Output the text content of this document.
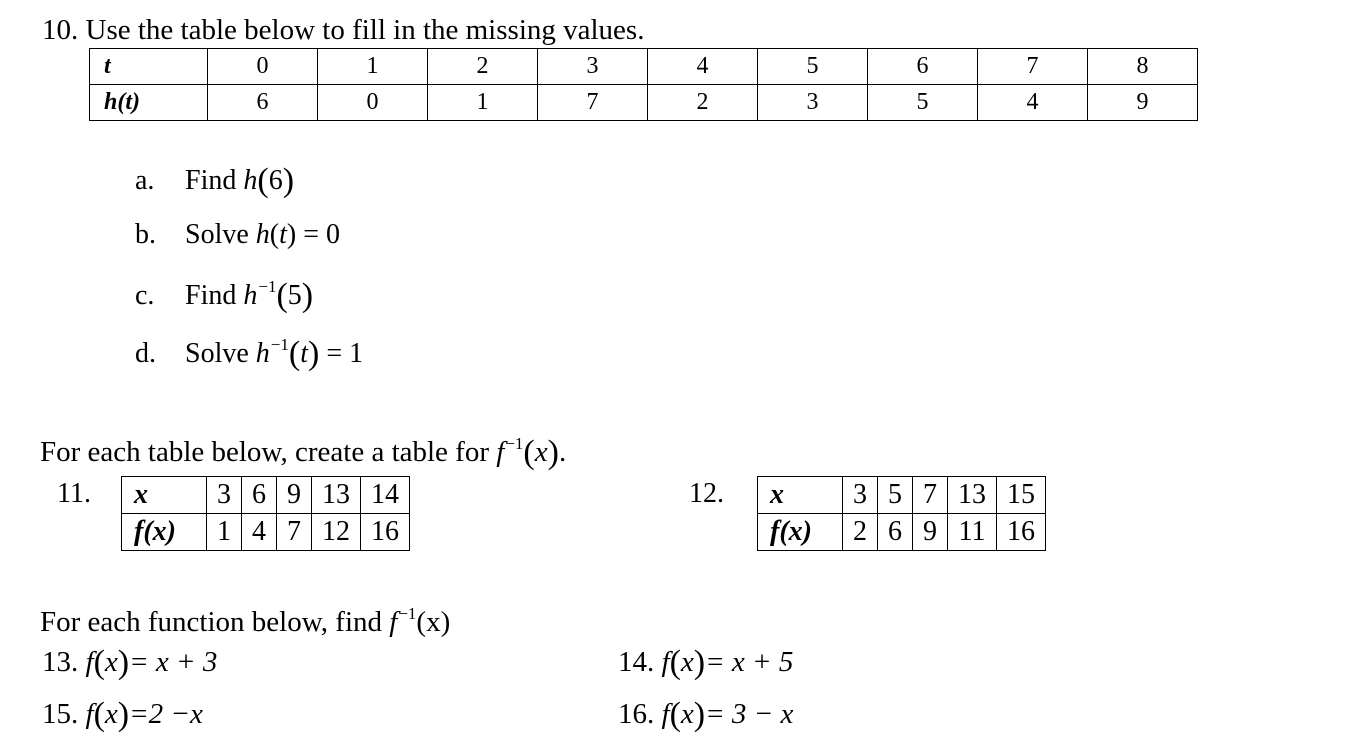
10. Use the table below to fill in the missing values.
t	0	1	2	3	4	5	6	7	8
h(t)	6	0	1	7	2	3	5	4	9
a. Find h(6)
b. Solve h(t) = 0
c. Find $h^{-1}(5)$
d. Solve $h^{-1}(t) = 1$
For each table below, create a table for $f^{-1}(x)$.
11. x	3	6	9	13	14
f(x)	1	4	7	12	16
12. x	3	5	7	13	15
f(x)	2	6	9	11	16
For each function below, find $f^{-1}(x)$
13. f(x)= x + 3	14. f(x)= x + 5
15. f(x)=2 −x	16. f(x)= 3 − x
